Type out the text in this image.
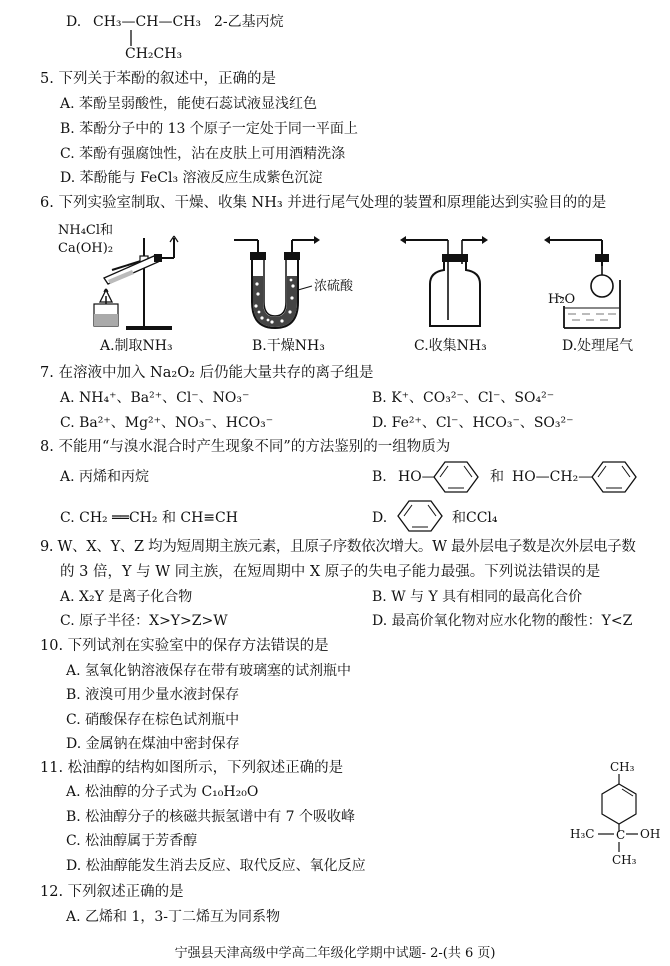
D. CH₃—CH—CH₃ 2-乙基丙烷
CH₂CH₃
5. 下列关于苯酚的叙述中，正确的是
A. 苯酚呈弱酸性，能使石蕊试液显浅红色
B. 苯酚分子中的 13 个原子一定处于同一平面上
C. 苯酚有强腐蚀性，沾在皮肤上可用酒精洗涤
D. 苯酚能与 FeCl₃ 溶液反应生成紫色沉淀
6. 下列实验室制取、干燥、收集 NH₃ 并进行尾气处理的装置和原理能达到实验目的的是
NH₄Cl和
Ca(OH)₂
浓硫酸
H₂O
A.制取NH₃	B.干燥NH₃	C.收集NH₃	D.处理尾气
7. 在溶液中加入 Na₂O₂ 后仍能大量共存的离子组是
A. NH₄⁺、Ba²⁺、Cl⁻、NO₃⁻	B. K⁺、CO₃²⁻、Cl⁻、SO₄²⁻
C. Ba²⁺、Mg²⁺、NO₃⁻、HCO₃⁻	D. Fe²⁺、Cl⁻、HCO₃⁻、SO₃²⁻
8. 不能用“与溴水混合时产生现象不同”的方法鉴别的一组物质为
A. 丙烯和丙烷	B. HO—	和 HO—CH₂—
C. CH₂ ══CH₂ 和 CH≡CH	D.	和CCl₄
9. W、X、Y、Z 均为短周期主族元素，且原子序数依次增大。W 最外层电子数是次外层电子数
的 3 倍，Y 与 W 同主族，在短周期中 X 原子的失电子能力最强。下列说法错误的是
A. X₂Y 是离子化合物	B. W 与 Y 具有相同的最高化合价
C. 原子半径：X>Y>Z>W	D. 最高价氧化物对应水化物的酸性：Y<Z
10. 下列试剂在实验室中的保存方法错误的是
A. 氢氧化钠溶液保存在带有玻璃塞的试剂瓶中
B. 液溴可用少量水液封保存
C. 硝酸保存在棕色试剂瓶中
D. 金属钠在煤油中密封保存
11. 松油醇的结构如图所示，下列叙述正确的是
A. 松油醇的分子式为 C₁₀H₂₀O
B. 松油醇分子的核磁共振氢谱中有 7 个吸收峰
C. 松油醇属于芳香醇
D. 松油醇能发生消去反应、取代反应、氧化反应
CH₃
H₃C C OH
CH₃
12. 下列叙述正确的是
A. 乙烯和 1，3-丁二烯互为同系物
宁强县天津高级中学高二年级化学期中试题- 2-(共 6 页)
